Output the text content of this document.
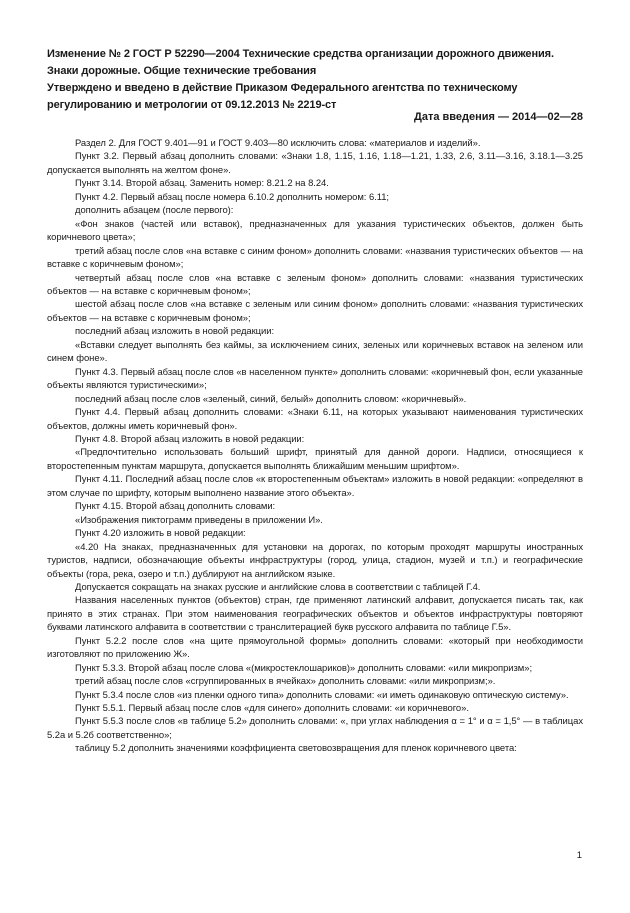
Изменение № 2 ГОСТ Р 52290—2004 Технические средства организации дорожного движения. Знаки дорожные. Общие технические требования
Утверждено и введено в действие Приказом Федерального агентства по техническому регулированию и метрологии от 09.12.2013 № 2219-ст
Дата введения — 2014—02—28

Раздел 2. Для ГОСТ 9.401—91 и ГОСТ 9.403—80 исключить слова: «материалов и изделий».

Пункт 3.2. Первый абзац дополнить словами: «Знаки 1.8, 1.15, 1.16, 1.18—1.21, 1.33, 2.6, 3.11—3.16, 3.18.1—3.25 допускается выполнять на желтом фоне».

Пункт 3.14. Второй абзац. Заменить номер: 8.21.2 на 8.24.

Пункт 4.2. Первый абзац после номера 6.10.2 дополнить номером: 6.11;

дополнить абзацем (после первого):

«Фон знаков (частей или вставок), предназначенных для указания туристических объектов, должен быть коричневого цвета»;

третий абзац после слов «на вставке с синим фоном» дополнить словами: «названия туристических объектов — на вставке с коричневым фоном»;

четвертый абзац после слов «на вставке с зеленым фоном» дополнить словами: «названия туристических объектов — на вставке с коричневым фоном»;

шестой абзац после слов «на вставке с зеленым или синим фоном» дополнить словами: «названия туристических объектов — на вставке с коричневым фоном»;

последний абзац изложить в новой редакции:

«Вставки следует выполнять без каймы, за исключением синих, зеленых или коричневых вставок на зеленом или синем фоне».

Пункт 4.3. Первый абзац после слов «в населенном пункте» дополнить словами: «коричневый фон, если указанные объекты являются туристическими»;

последний абзац после слов «зеленый, синий, белый» дополнить словом: «коричневый».

Пункт 4.4. Первый абзац дополнить словами: «Знаки 6.11, на которых указывают наименования туристических объектов, должны иметь коричневый фон».

Пункт 4.8. Второй абзац изложить в новой редакции:

«Предпочтительно использовать больший шрифт, принятый для данной дороги. Надписи, относящиеся к второстепенным пунктам маршрута, допускается выполнять ближайшим меньшим шрифтом».

Пункт 4.11. Последний абзац после слов «к второстепенным объектам» изложить в новой редакции: «определяют в этом случае по шрифту, которым выполнено название этого объекта».

Пункт 4.15. Второй абзац дополнить словами:

«Изображения пиктограмм приведены в приложении И».

Пункт 4.20 изложить в новой редакции:

«4.20 На знаках, предназначенных для установки на дорогах, по которым проходят маршруты иностранных туристов, надписи, обозначающие объекты инфраструктуры (город, улица, стадион, музей и т.п.) и географические объекты (гора, река, озеро и т.п.) дублируют на английском языке.

Допускается сокращать на знаках русские и английские слова в соответствии с таблицей Г.4.

Названия населенных пунктов (объектов) стран, где применяют латинский алфавит, допускается писать так, как принято в этих странах. При этом наименования географических объектов и объектов инфраструктуры повторяют буквами латинского алфавита в соответствии с транслитерацией букв русского алфавита по таблице Г.5».

Пункт 5.2.2 после слов «на щите прямоугольной формы» дополнить словами: «который при необходимости изготовляют по приложению Ж».

Пункт 5.3.3. Второй абзац после слова «(микростеклошариков)» дополнить словами: «или микропризм»;

третий абзац после слов «сгруппированных в ячейках» дополнить словами: «или микропризм;».

Пункт 5.3.4 после слов «из пленки одного типа» дополнить словами: «и иметь одинаковую оптическую систему».

Пункт 5.5.1. Первый абзац после слов «для синего» дополнить словами: «и коричневого».

Пункт 5.5.3 после слов «в таблице 5.2» дополнить словами: «, при углах наблюдения α = 1° и α = 1,5° — в таблицах 5.2а и 5.2б соответственно»;

таблицу 5.2 дополнить значениями коэффициента световозвращения для пленок коричневого цвета:

1
